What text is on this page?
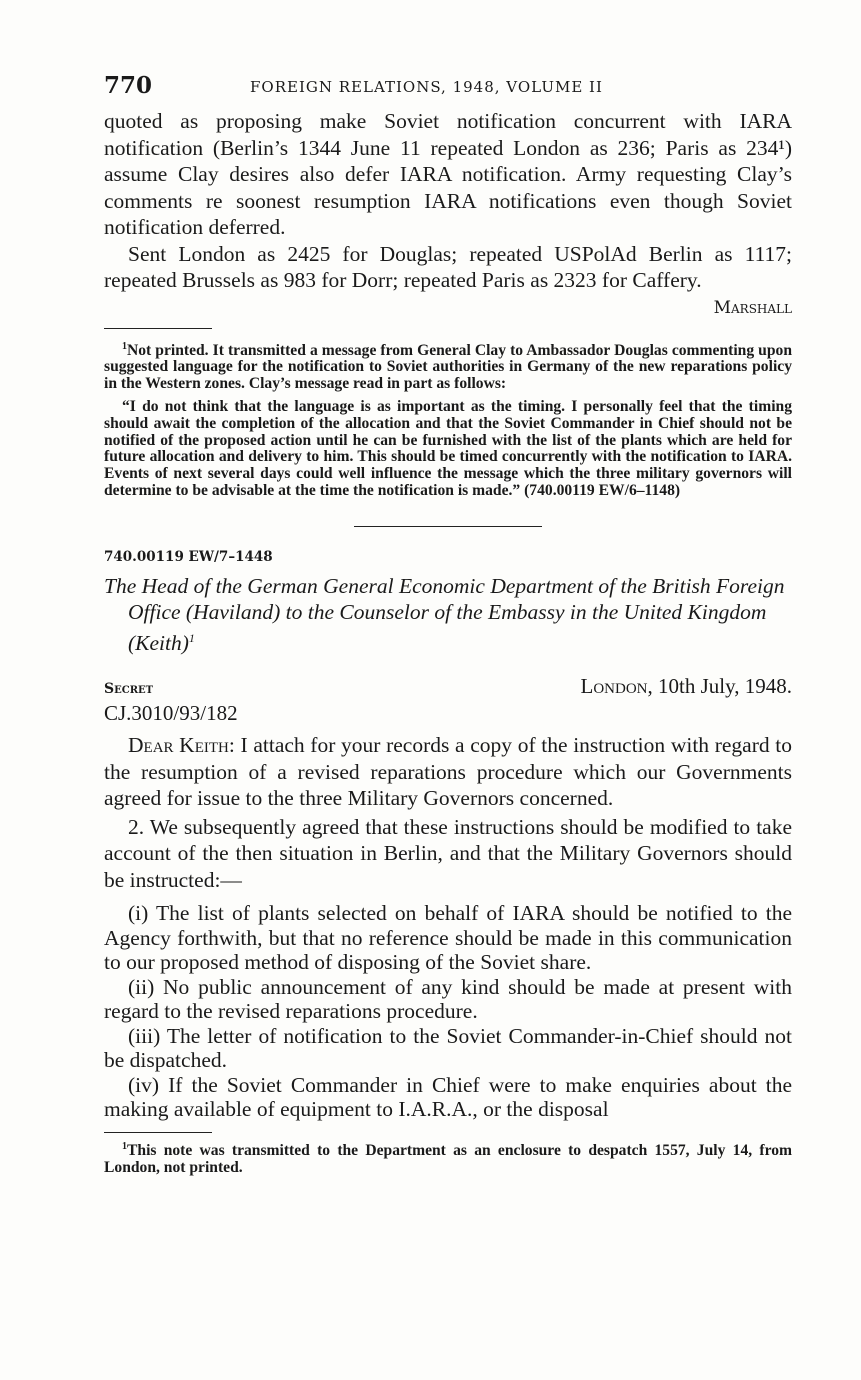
770	FOREIGN RELATIONS, 1948, VOLUME II

quoted as proposing make Soviet notification concurrent with IARA notification (Berlin’s 1344 June 11 repeated London as 236; Paris as 234¹) assume Clay desires also defer IARA notification. Army requesting Clay’s comments re soonest resumption IARA notifications even though Soviet notification deferred.

Sent London as 2425 for Douglas; repeated USPolAd Berlin as 1117; repeated Brussels as 983 for Dorr; repeated Paris as 2323 for Caffery.

Marshall

$^1$Not printed. It transmitted a message from General Clay to Ambassador Douglas commenting upon suggested language for the notification to Soviet authorities in Germany of the new reparations policy in the Western zones. Clay’s message read in part as follows:

“I do not think that the language is as important as the timing. I personally feel that the timing should await the completion of the allocation and that the Soviet Commander in Chief should not be notified of the proposed action until he can be furnished with the list of the plants which are held for future allocation and delivery to him. This should be timed concurrently with the notification to IARA. Events of next several days could well influence the message which the three military governors will determine to be advisable at the time the notification is made.” (740.00119 EW/6–1148)

740.00119 EW/7–1448

The Head of the German General Economic Department of the British Foreign Office (Haviland) to the Counselor of the Embassy in the United Kingdom (Keith)$^1$

Secret	London, 10th July, 1948.

CJ.3010/93/182

Dear Keith: I attach for your records a copy of the instruction with regard to the resumption of a revised reparations procedure which our Governments agreed for issue to the three Military Governors concerned.

2. We subsequently agreed that these instructions should be modified to take account of the then situation in Berlin, and that the Military Governors should be instructed:—

(i) The list of plants selected on behalf of IARA should be notified to the Agency forthwith, but that no reference should be made in this communication to our proposed method of disposing of the Soviet share.

(ii) No public announcement of any kind should be made at present with regard to the revised reparations procedure.

(iii) The letter of notification to the Soviet Commander-in-Chief should not be dispatched.

(iv) If the Soviet Commander in Chief were to make enquiries about the making available of equipment to I.A.R.A., or the disposal

$^1$This note was transmitted to the Department as an enclosure to despatch 1557, July 14, from London, not printed.
